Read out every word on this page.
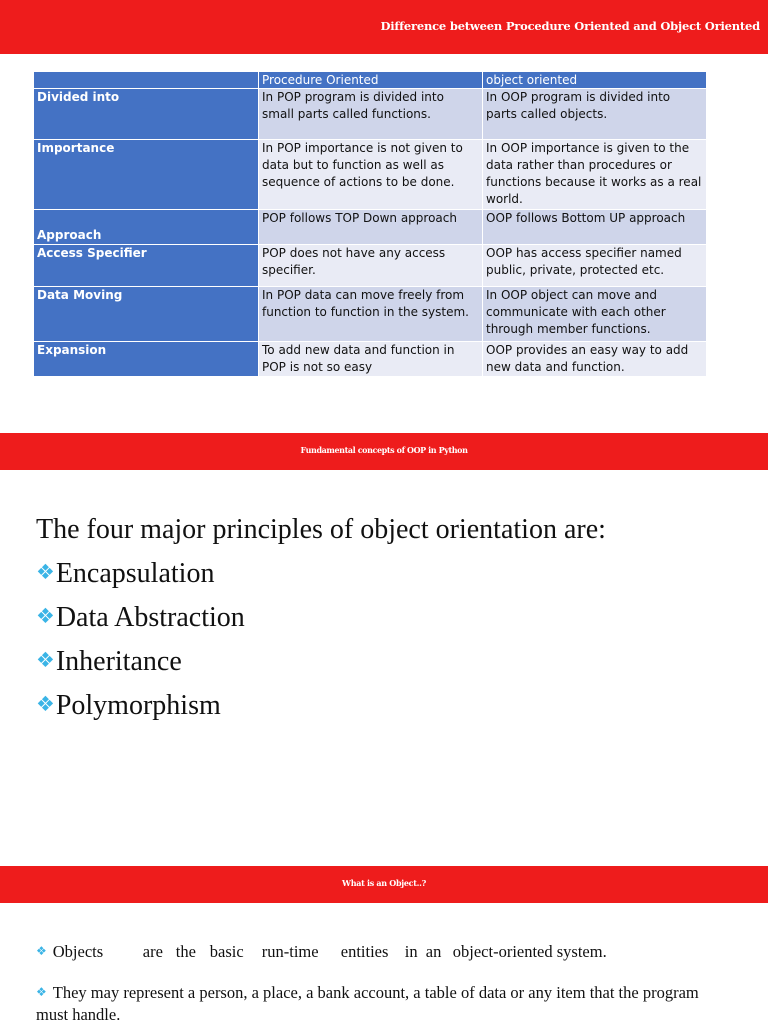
Difference between Procedure Oriented and Object Oriented
	Procedure Oriented	object oriented
Divided into	In POP program is divided into small parts called functions.	In OOP program is divided into parts called objects.
Importance	In POP importance is not given to data but to function as well as sequence of actions to be done.	In OOP importance is given to the data rather than procedures or functions because it works as a real world.
Approach	POP follows TOP Down approach	OOP follows Bottom UP approach
Access Specifier	POP does not have any access specifier.	OOP has access specifier named public, private, protected etc.
Data Moving	In POP data can move freely from function to function in the system.	In OOP object can move and communicate with each other through member functions.
Expansion	To add new data and function in POP is not so easy	OOP provides an easy way to add new data and function.
Fundamental concepts of OOP in Python
The four major principles of object orientation are:
❖Encapsulation
❖Data Abstraction
❖Inheritance
❖Polymorphism
What is an Object..?
❖ Objects are the basic run-time entities in an object-oriented system.
❖ They may represent a person, a place, a bank account, a table of data or any item that the program must handle.
